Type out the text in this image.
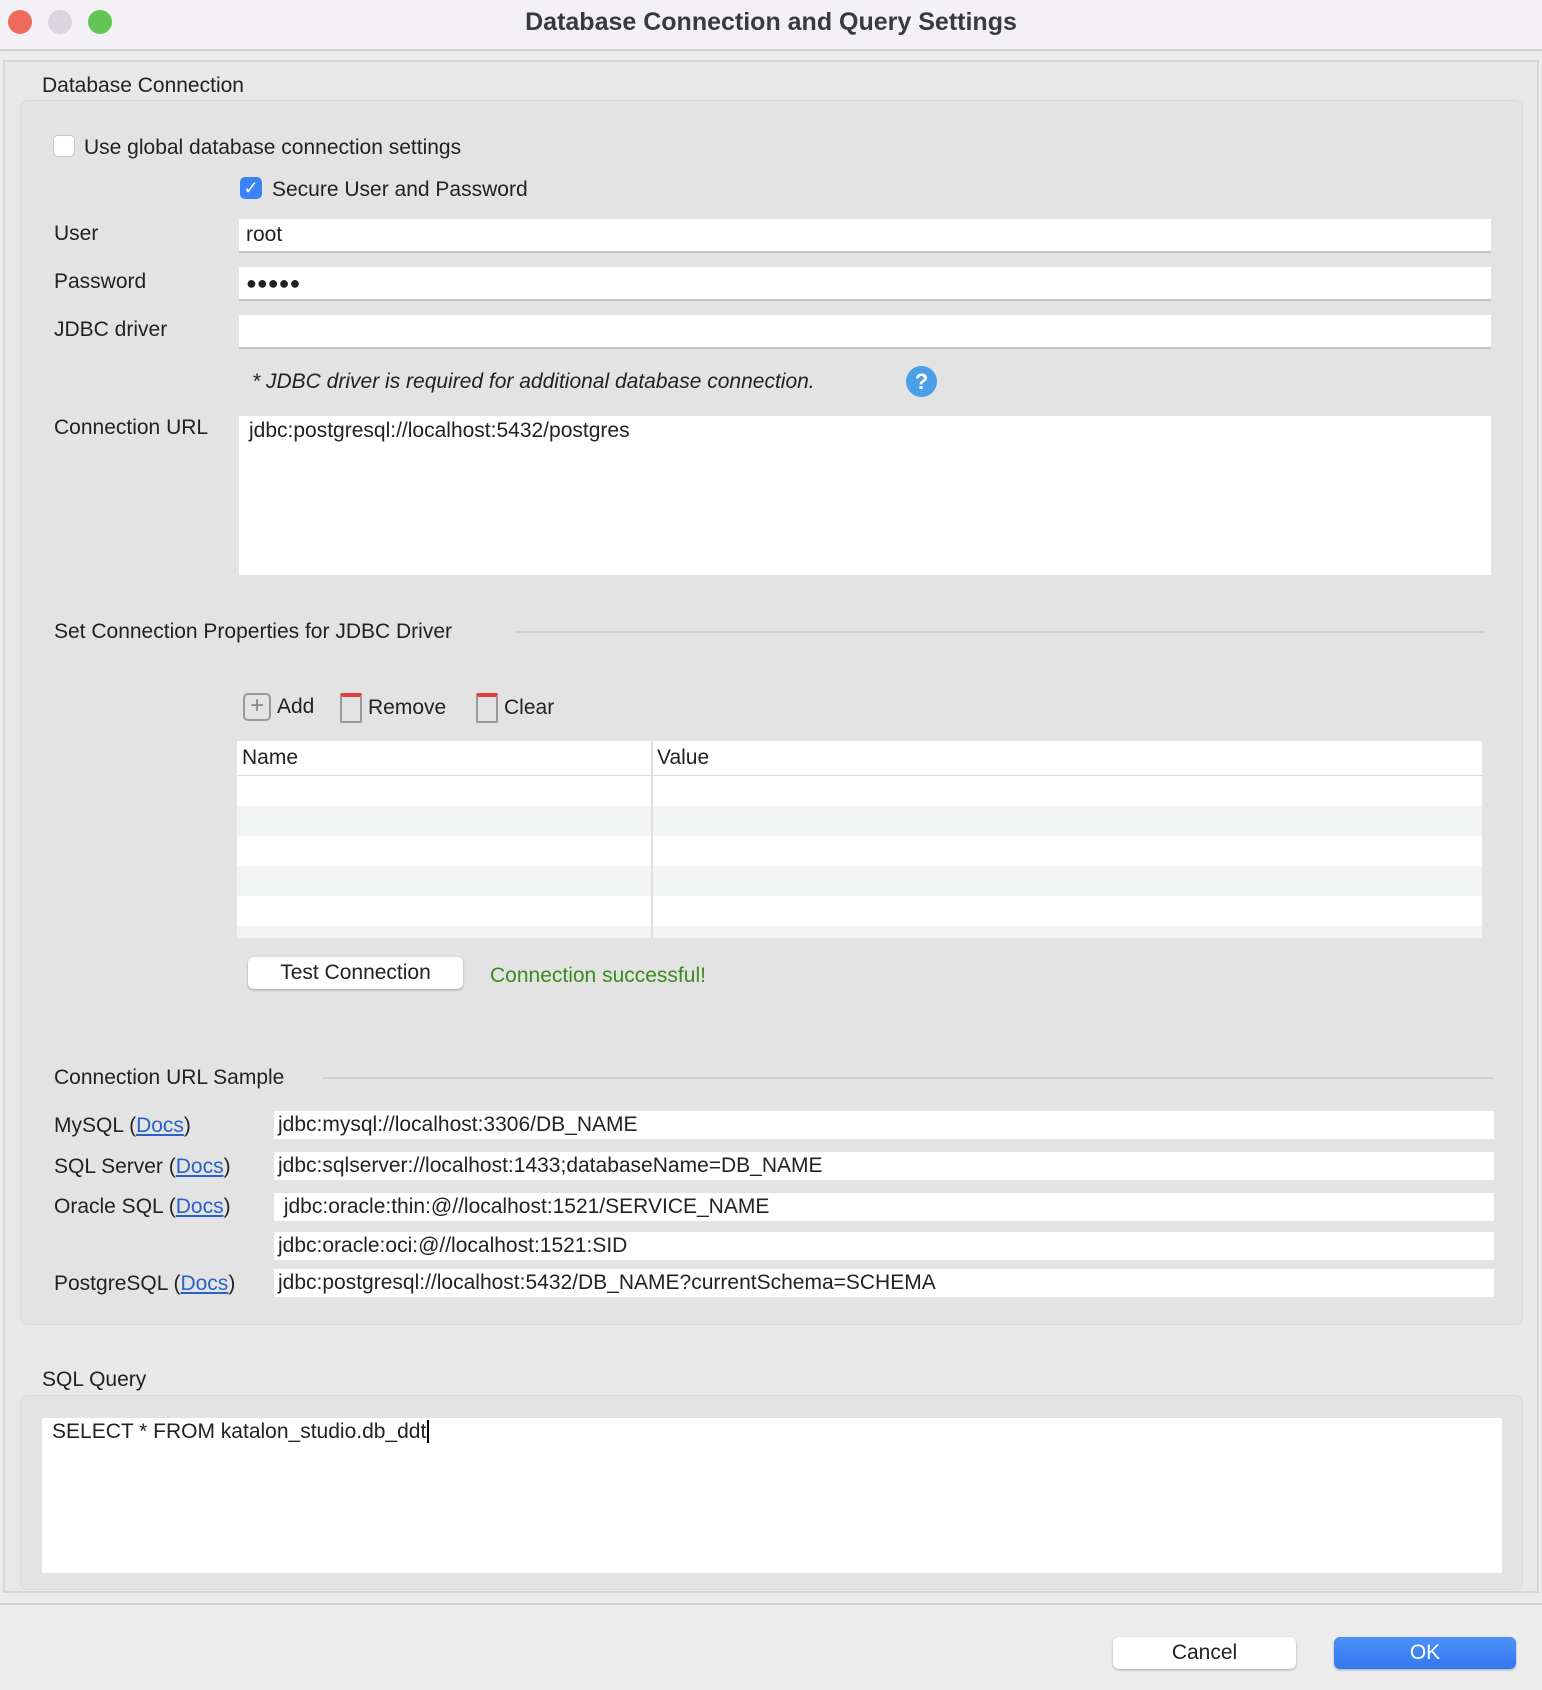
Database Connection and Query Settings
Database Connection
Use global database connection settings
✓ Secure User and Password
User	root
Password	●●●●●
JDBC driver
* JDBC driver is required for additional database connection.	?
Connection URL	jdbc:postgresql://localhost:5432/postgres
Set Connection Properties for JDBC Driver
+ Add	Remove	Clear
Name	Value
Test Connection	Connection successful!
Connection URL Sample
MySQL (Docs)	jdbc:mysql://localhost:3306/DB_NAME
SQL Server (Docs) jdbc:sqlserver://localhost:1433;databaseName=DB_NAME
Oracle SQL (Docs) jdbc:oracle:thin:@//localhost:1521/SERVICE_NAME
jdbc:oracle:oci:@//localhost:1521:SID
PostgreSQL (Docs) jdbc:postgresql://localhost:5432/DB_NAME?currentSchema=SCHEMA
SQL Query
SELECT * FROM katalon_studio.db_ddt
Cancel	OK
